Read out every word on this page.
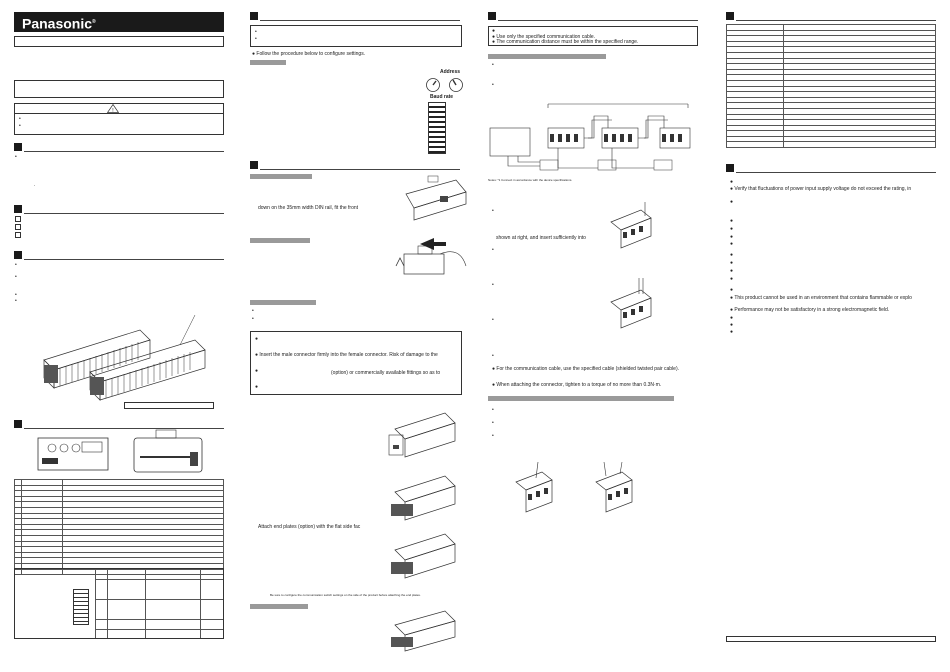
Panasonic®
!
•
•
•
.
•
•
•
•

•
•
● Follow the procedure below to configure settings.
Address
Baud rate
down on the 35mm width DIN rail, fit the front
•
•
●
● Insert the male connector firmly into the female connector. Risk of damage to the
●	(option) or commercially available fittings so as to
●
Attach end plates (option) with the flat side fac
Be sure to configure the communication switch settings on the side of the product before attaching the end plates.
●
● Use only the specified communication cable.
● The communication distance must be within the specified range.
•
•
Notes: *1 Connect in accordance with the device specifications.
•
shown at right, and insert sufficiently into
•
•
•
•
● For the communication cable, use the specified cable (shielded twisted pair cable).
● When attaching the connector, tighten to a torque of no more than 0.3N·m.
•
•
•

●
● Verify that fluctuations of power input supply voltage do not exceed the rating, in
●
●
●
●
●
●
●
●
●
●
● This product cannot be used in an environment that contains flammable or explo
● Performance may not be satisfactory in a strong electromagnetic field.
●
●
●
